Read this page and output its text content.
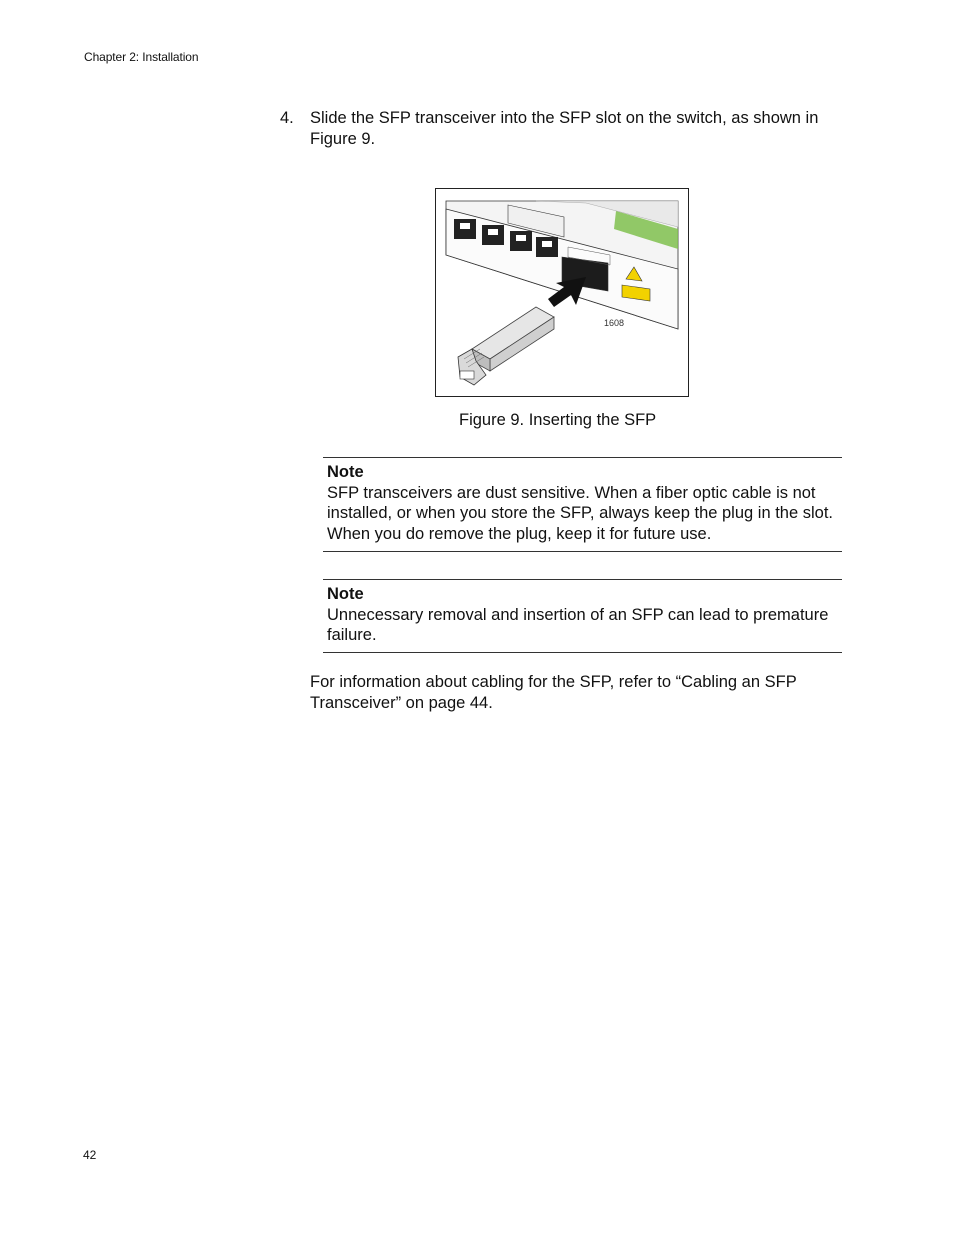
Chapter 2: Installation
4. Slide the SFP transceiver into the SFP slot on the switch, as shown in Figure 9.
1608
Figure 9. Inserting the SFP
Note
SFP transceivers are dust sensitive. When a fiber optic cable is not installed, or when you store the SFP, always keep the plug in the slot. When you do remove the plug, keep it for future use.
Note
Unnecessary removal and insertion of an SFP can lead to premature failure.
For information about cabling for the SFP, refer to “Cabling an SFP Transceiver” on page 44.
42
